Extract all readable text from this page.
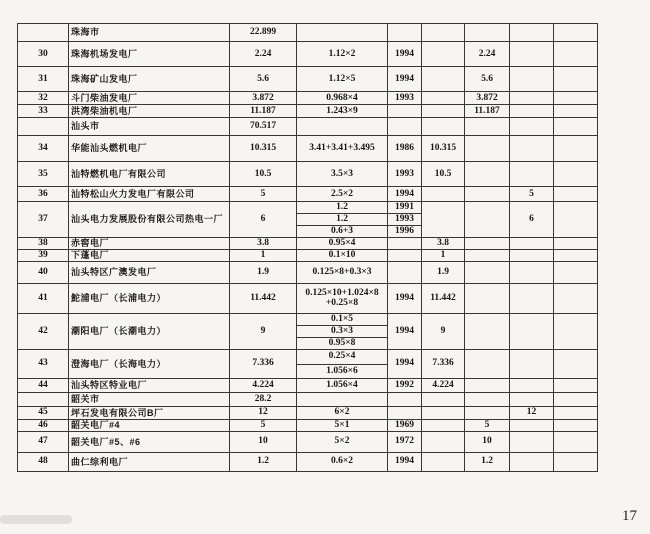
	珠海市	22.899						
30	珠海机场发电厂	2.24	1.12×2	1994		2.24		
31	珠海矿山发电厂	5.6	1.12×5	1994		5.6		
32	斗门柴油发电厂	3.872	0.968×4	1993		3.872		
33	洪湾柴油机电厂	11.187	1.243×9			11.187		
	汕头市	70.517						
34	华能汕头燃机电厂	10.315	3.41+3.41+3.495	1986	10.315			
35	汕特燃机电厂有限公司	10.5	3.5×3	1993	10.5			
36	汕特松山火力发电厂有限公司	5	2.5×2	1994			5	
37	汕头电力发展股份有限公司热电一厂	6	1.2	1991			6	
			1.2	1993				
			0.6+3	1996				
38	赤窖电厂	3.8	0.95×4		3.8			
39	下蓬电厂	1	0.1×10		1			
40	汕头特区广澳发电厂	1.9	0.125×8+0.3×3		1.9			
41	鮀浦电厂（长浦电力）	11.442	0.125×10+1.024×8 +0.25×8	1994	11.442			
42	潮阳电厂（长潮电力）	9	0.1×5	1994	9			
			0.3×3					
			0.95×8					
43	澄海电厂（长海电力）	7.336	0.25×4	1994	7.336			
			1.056×6					
44	汕头特区特业电厂	4.224	1.056×4	1992	4.224			
	韶关市	28.2						
45	坪石发电有限公司B厂	12	6×2				12	
46	韶关电厂#4	5	5×1	1969		5		
47	韶关电厂#5、#6	10	5×2	1972		10		
48	曲仁综利电厂	1.2	0.6×2	1994		1.2		
17
